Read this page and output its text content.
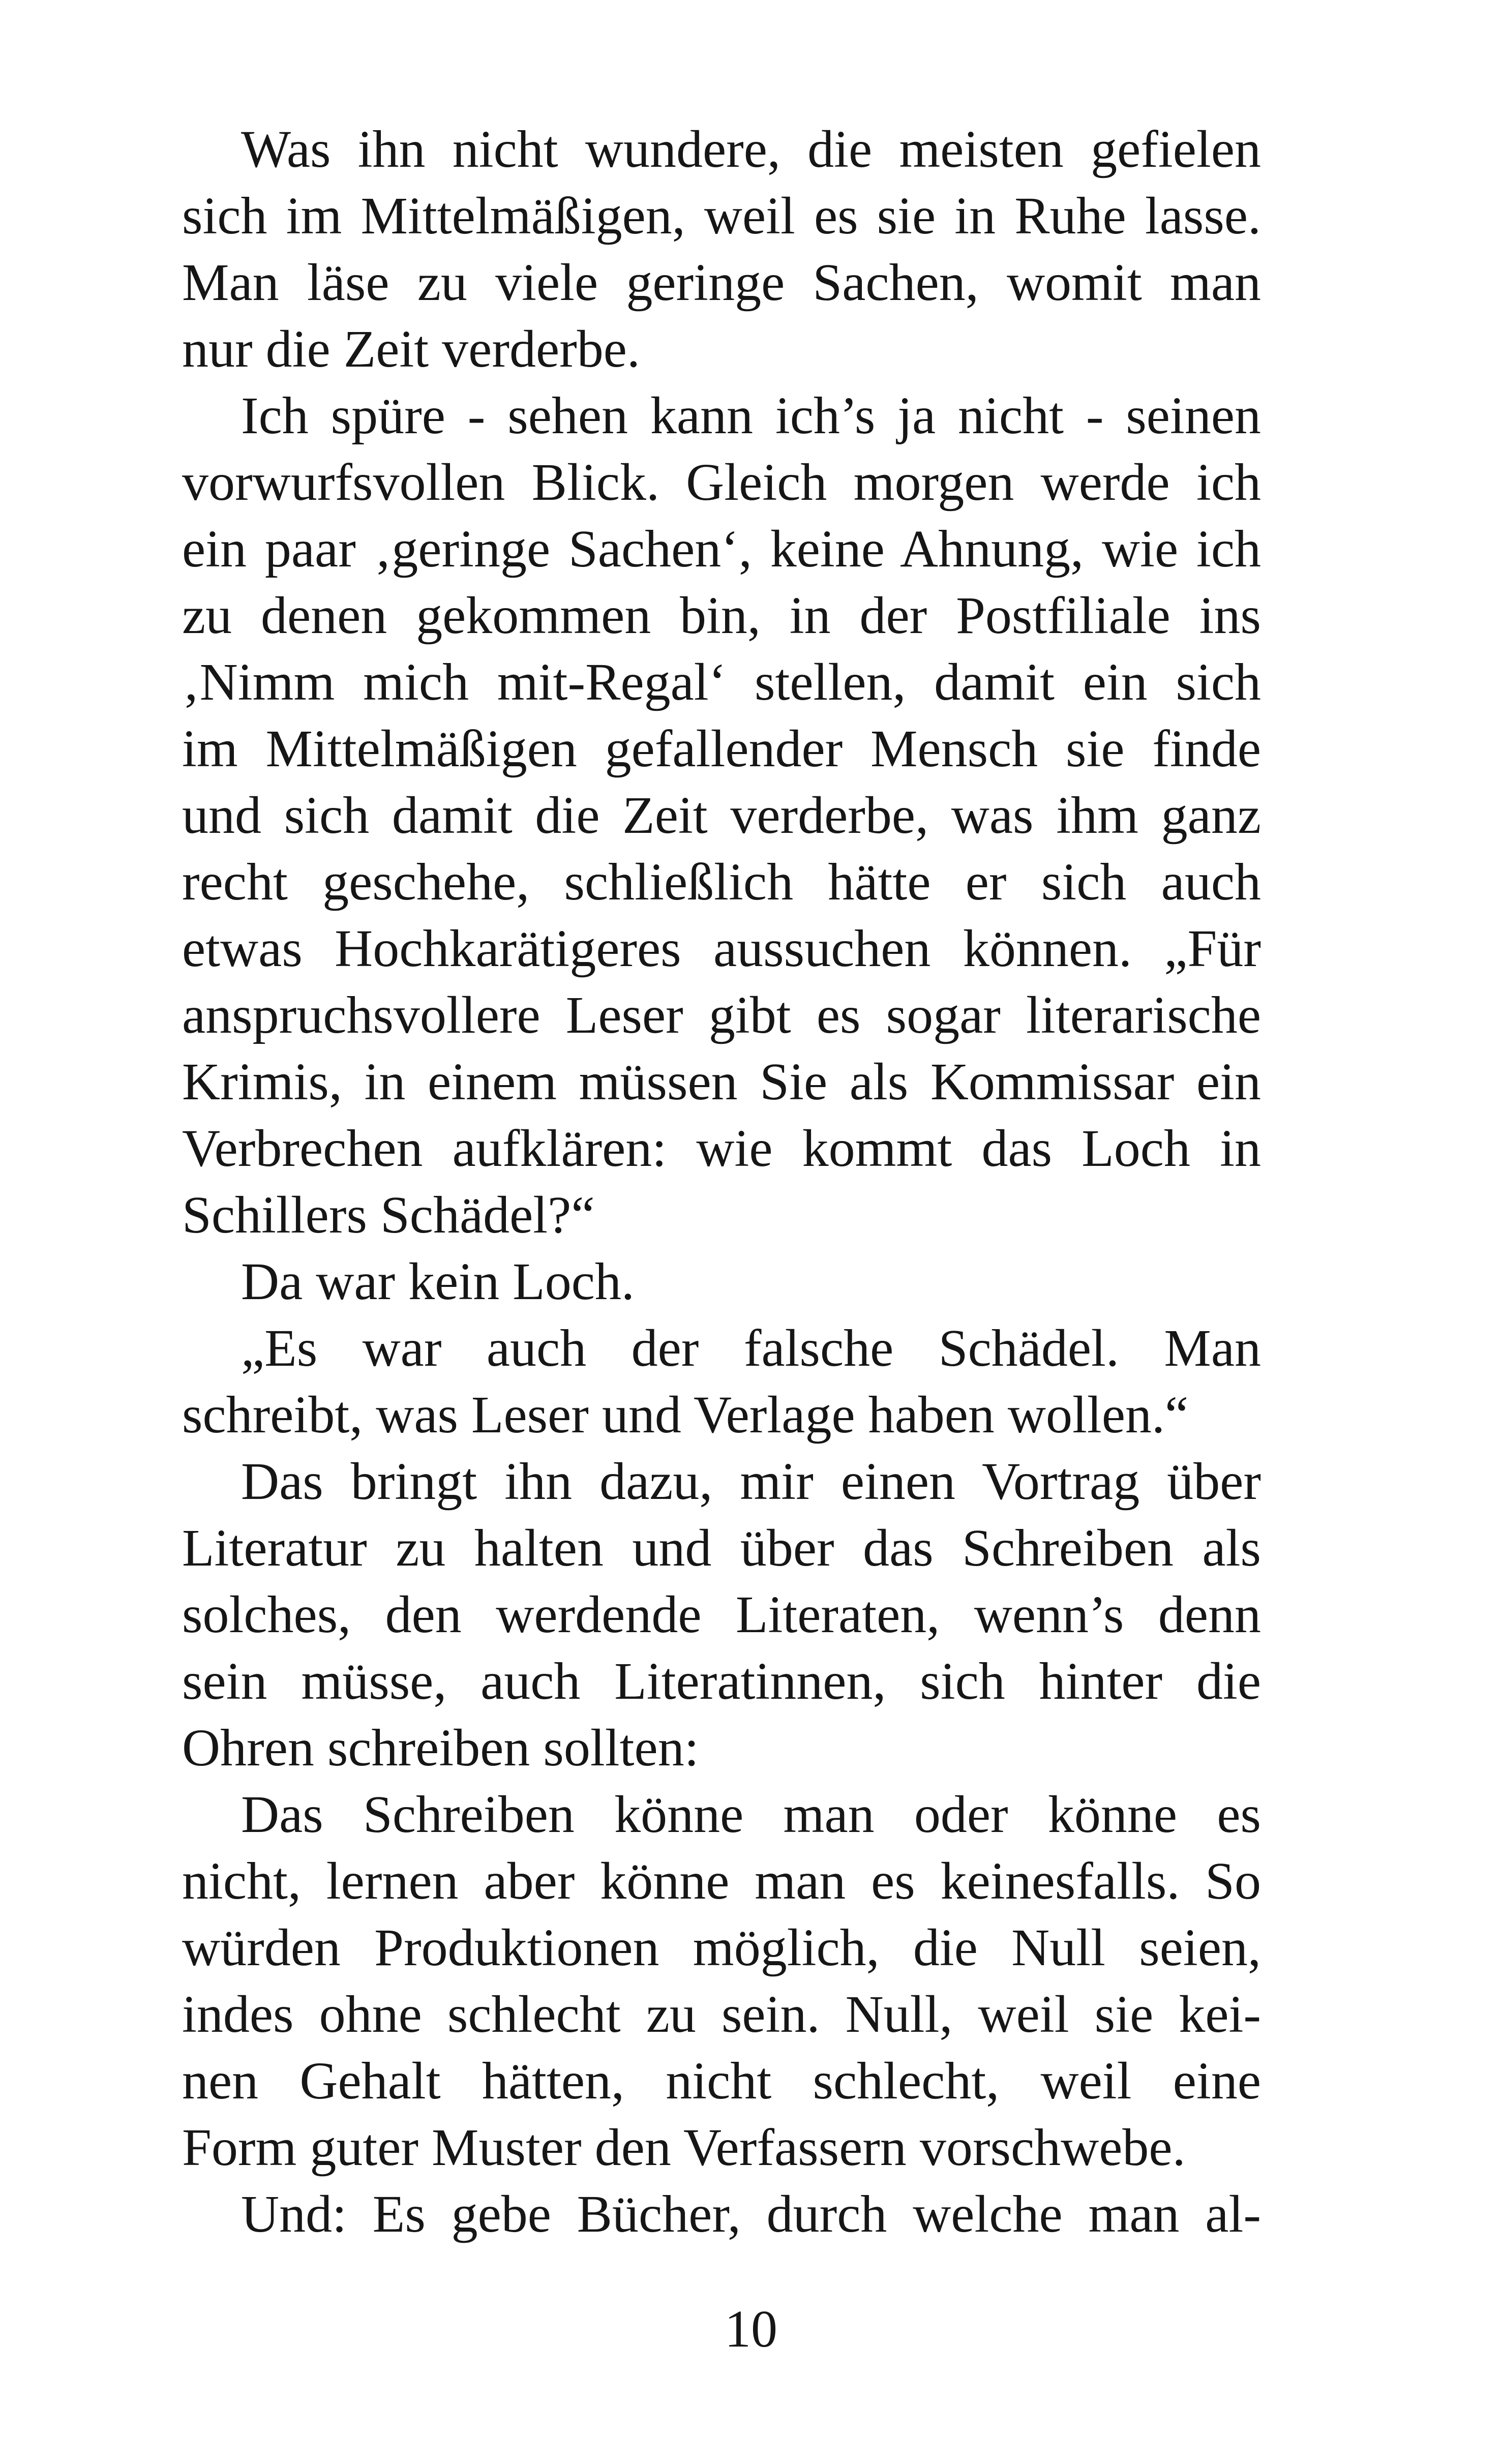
Was ihn nicht wundere, die meisten gefielen
sich im Mittelmäßigen, weil es sie in Ruhe lasse.
Man läse zu viele geringe Sachen, womit man
nur die Zeit verderbe.
Ich spüre - sehen kann ich’s ja nicht - seinen
vorwurfsvollen Blick. Gleich morgen werde ich
ein paar ‚geringe Sachen‘, keine Ahnung, wie ich
zu denen gekommen bin, in der Postfiliale ins
‚Nimm mich mit-Regal‘ stellen, damit ein sich
im Mittelmäßigen gefallender Mensch sie finde
und sich damit die Zeit verderbe, was ihm ganz
recht geschehe, schließlich hätte er sich auch
etwas Hochkarätigeres aussuchen können. „Für
anspruchsvollere Leser gibt es sogar literarische
Krimis, in einem müssen Sie als Kommissar ein
Verbrechen aufklären: wie kommt das Loch in
Schillers Schädel?“
Da war kein Loch.
„Es war auch der falsche Schädel. Man
schreibt, was Leser und Verlage haben wollen.“
Das bringt ihn dazu, mir einen Vortrag über
Literatur zu halten und über das Schreiben als
solches, den werdende Literaten, wenn’s denn
sein müsse, auch Literatinnen, sich hinter die
Ohren schreiben sollten:
Das Schreiben könne man oder könne es
nicht, lernen aber könne man es keinesfalls. So
würden Produktionen möglich, die Null seien,
indes ohne schlecht zu sein. Null, weil sie kei-
nen Gehalt hätten, nicht schlecht, weil eine
Form guter Muster den Verfassern vorschwebe.
Und: Es gebe Bücher, durch welche man al-
10
